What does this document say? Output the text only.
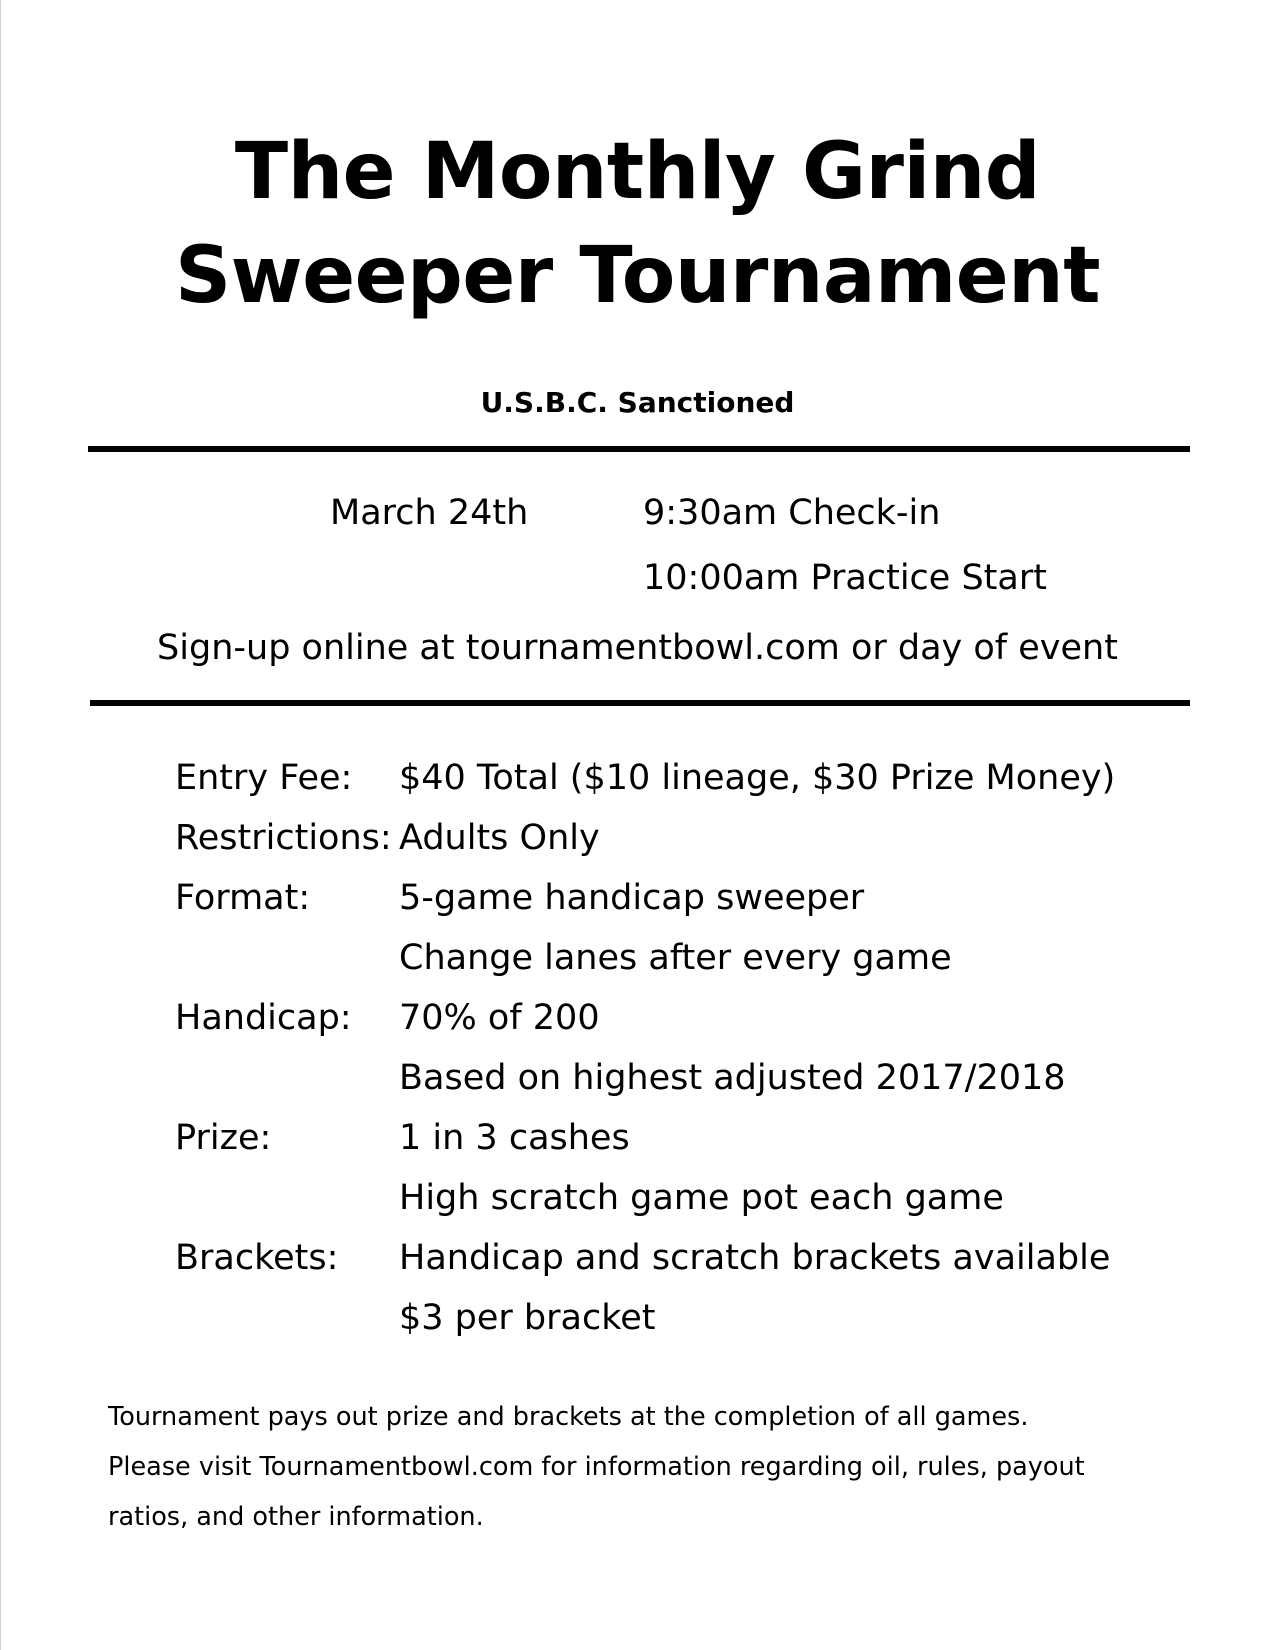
The Monthly Grind
Sweeper Tournament
U.S.B.C. Sanctioned
March 24th	9:30am Check-in
10:00am Practice Start
Sign-up online at tournamentbowl.com or day of event
Entry Fee:	$40 Total ($10 lineage, $30 Prize Money)
Restrictions: Adults Only
Format:	5-game handicap sweeper
Change lanes after every game
Handicap:	70% of 200
Based on highest adjusted 2017/2018
Prize:	1 in 3 cashes
High scratch game pot each game
Brackets:	Handicap and scratch brackets available
$3 per bracket
Tournament pays out prize and brackets at the completion of all games.
Please visit Tournamentbowl.com for information regarding oil, rules, payout
ratios, and other information.
